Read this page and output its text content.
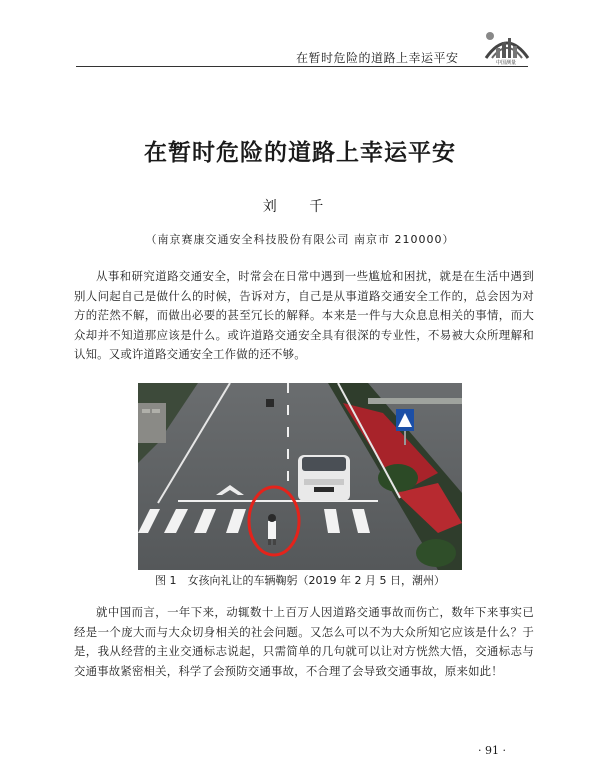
在暂时危险的道路上幸运平安	中国测量
在暂时危险的道路上幸运平安
刘 千
（南京赛康交通安全科技股份有限公司 南京市 210000）

从事和研究道路交通安全，时常会在日常中遇到一些尴尬和困扰，就是在生活中遇到别人问起自己是做什么的时候，告诉对方，自己是从事道路交通安全工作的，总会因为对方的茫然不解，而做出必要的甚至冗长的解释。本来是一件与大众息息相关的事情，而大众却并不知道那应该是什么。或许道路交通安全具有很深的专业性，不易被大众所理解和认知。又或许道路交通安全工作做的还不够。

图 1　女孩向礼让的车辆鞠躬（2019 年 2 月 5 日，潮州）

就中国而言，一年下来，动辄数十上百万人因道路交通事故而伤亡，数年下来事实已经是一个庞大而与大众切身相关的社会问题。又怎么可以不为大众所知它应该是什么？于是，我从经营的主业交通标志说起，只需简单的几句就可以让对方恍然大悟，交通标志与交通事故紧密相关，科学了会预防交通事故，不合理了会导致交通事故，原来如此！

· 91 ·
